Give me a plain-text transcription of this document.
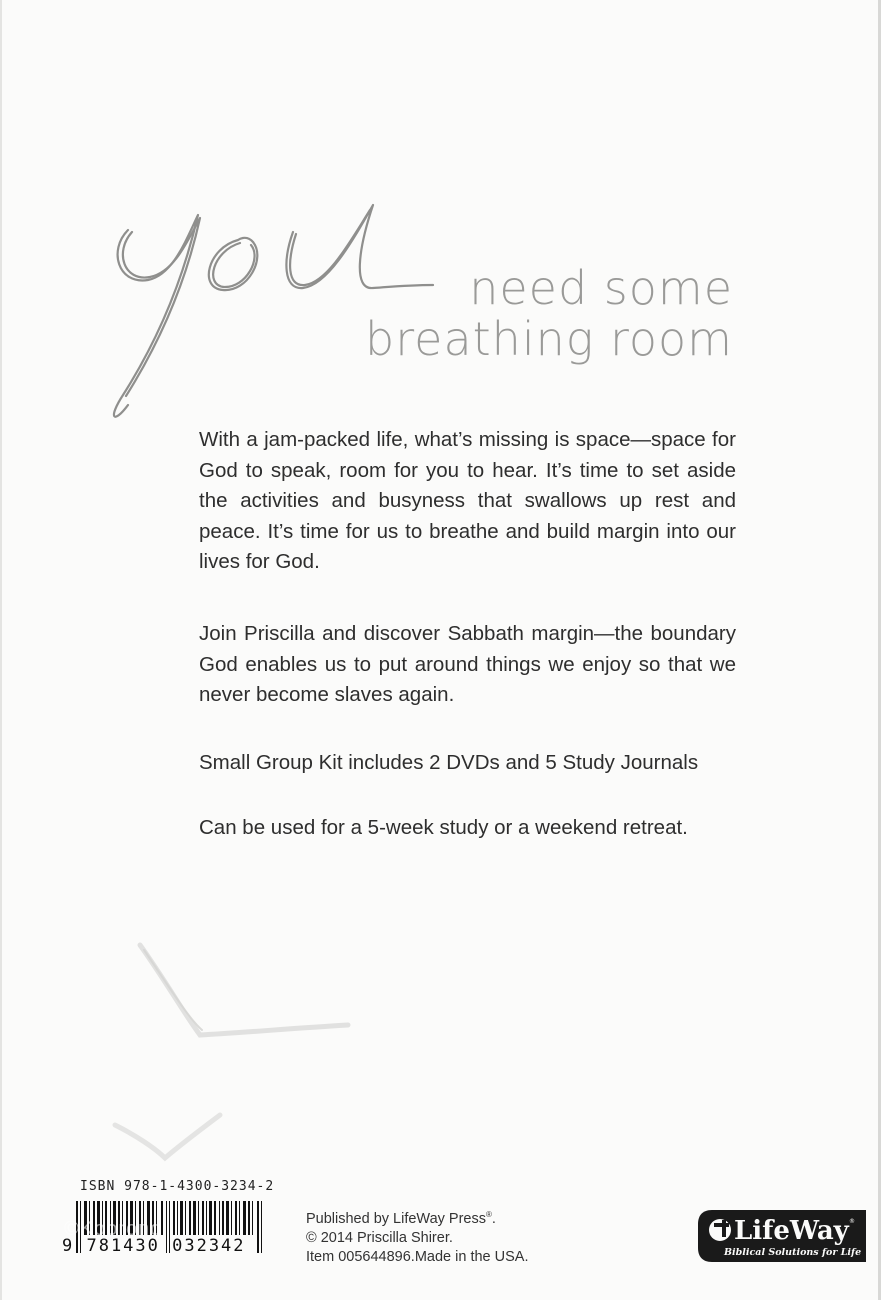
need some
breathing room
With a jam-packed life, what’s missing is space—space for God to speak, room for you to hear. It’s time to set aside the activities and busyness that swallows up rest and peace. It’s time for us to breathe and build margin into our lives for God.
Join Priscilla and discover Sabbath margin—the boundary God enables us to put around things we enjoy so that we never become slaves again.
Small Group Kit includes 2 DVDs and 5 Study Journals
Can be used for a 5-week study or a weekend retreat.
ISBN 978-1-4300-3234-2
9 781430 032342
©Koorong	Published by LifeWay Press®.
© 2014 Priscilla Shirer.
Item 005644896.Made in the USA.
LifeWay ®
Biblical Solutions for Life
